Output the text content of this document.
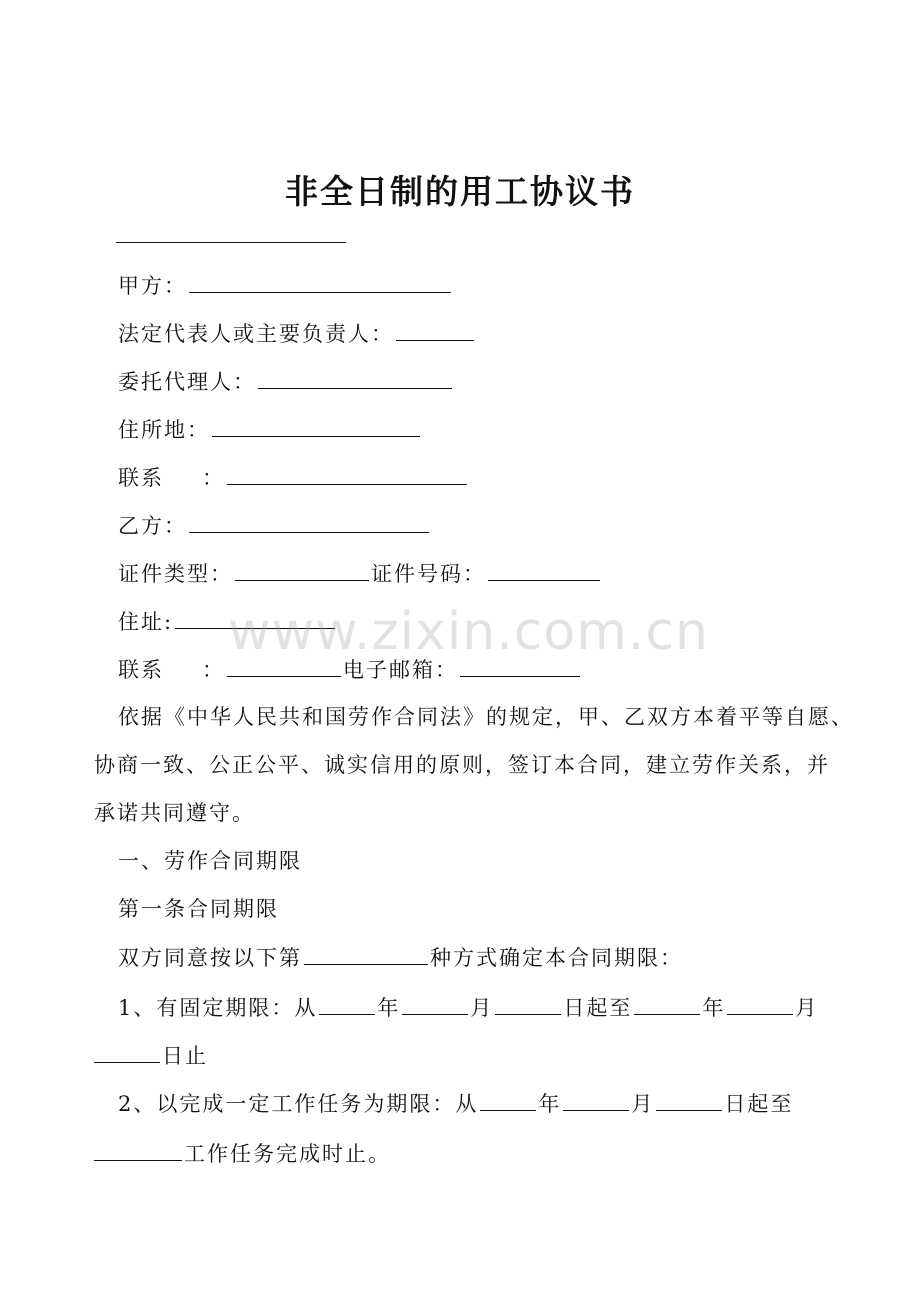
非全日制的用工协议书
甲方：
法定代表人或主要负责人：
委托代理人：
住所地：
联系 ：
乙方：
证件类型：	证件号码：
住址:
联系 ：	电子邮箱：
依据《中华人民共和国劳作合同法》的规定，甲、乙双方本着平等自愿、
协商一致、公正公平、诚实信用的原则，签订本合同，建立劳作关系，并
承诺共同遵守。
一、劳作合同期限
第一条合同期限
双方同意按以下第	种方式确定本合同期限：
1、有固定期限：从	年	月	日起至	年	月
日止
2、以完成一定工作任务为期限：从	年	月	日起至
工作任务完成时止。
www.zixin.com.cn
